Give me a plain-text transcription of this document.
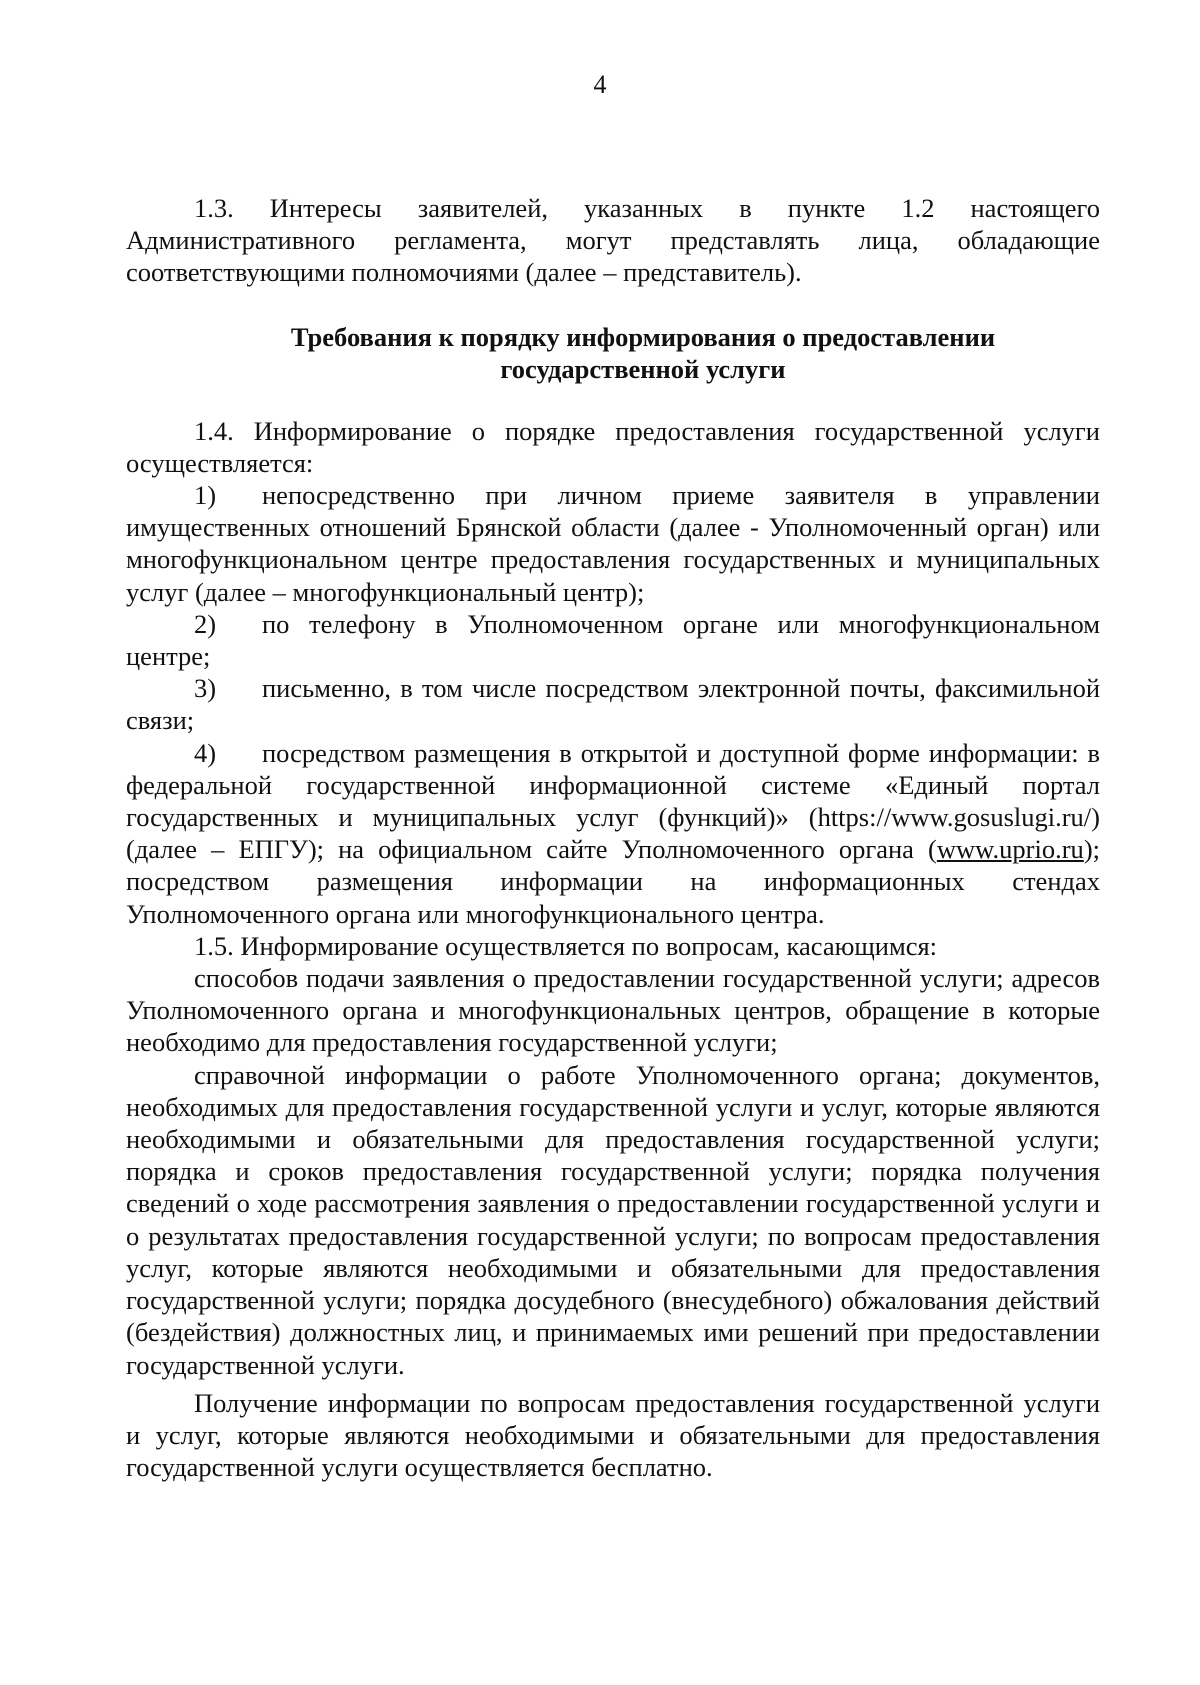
4

1.3. Интересы заявителей, указанных в пункте 1.2 настоящего Административного регламента, могут представлять лица, обладающие соответствующими полномочиями (далее – представитель).

Требования к порядку информирования о предоставлении
государственной услуги

1.4. Информирование о порядке предоставления государственной услуги осуществляется:

1) непосредственно при личном приеме заявителя в управлении имущественных отношений Брянской области (далее - Уполномоченный орган) или многофункциональном центре предоставления государственных и муниципальных услуг (далее – многофункциональный центр);

2) по телефону в Уполномоченном органе или многофункциональном центре;

3) письменно, в том числе посредством электронной почты, факсимильной связи;

4) посредством размещения в открытой и доступной форме информации: в федеральной государственной информационной системе «Единый портал государственных и муниципальных услуг (функций)» (https://www.gosuslugi.ru/) (далее – ЕПГУ); на официальном сайте Уполномоченного органа (www.uprio.ru); посредством размещения информации на информационных стендах Уполномоченного органа или многофункционального центра.

1.5. Информирование осуществляется по вопросам, касающимся:

способов подачи заявления о предоставлении государственной услуги; адресов Уполномоченного органа и многофункциональных центров, обращение в которые необходимо для предоставления государственной услуги;

справочной информации о работе Уполномоченного органа; документов, необходимых для предоставления государственной услуги и услуг, которые являются необходимыми и обязательными для предоставления государственной услуги; порядка и сроков предоставления государственной услуги; порядка получения сведений о ходе рассмотрения заявления о предоставлении государственной услуги и о результатах предоставления государственной услуги; по вопросам предоставления услуг, которые являются необходимыми и обязательными для предоставления государственной услуги; порядка досудебного (внесудебного) обжалования действий (бездействия) должностных лиц, и принимаемых ими решений при предоставлении государственной услуги.

Получение информации по вопросам предоставления государственной услуги и услуг, которые являются необходимыми и обязательными для предоставления государственной услуги осуществляется бесплатно.
